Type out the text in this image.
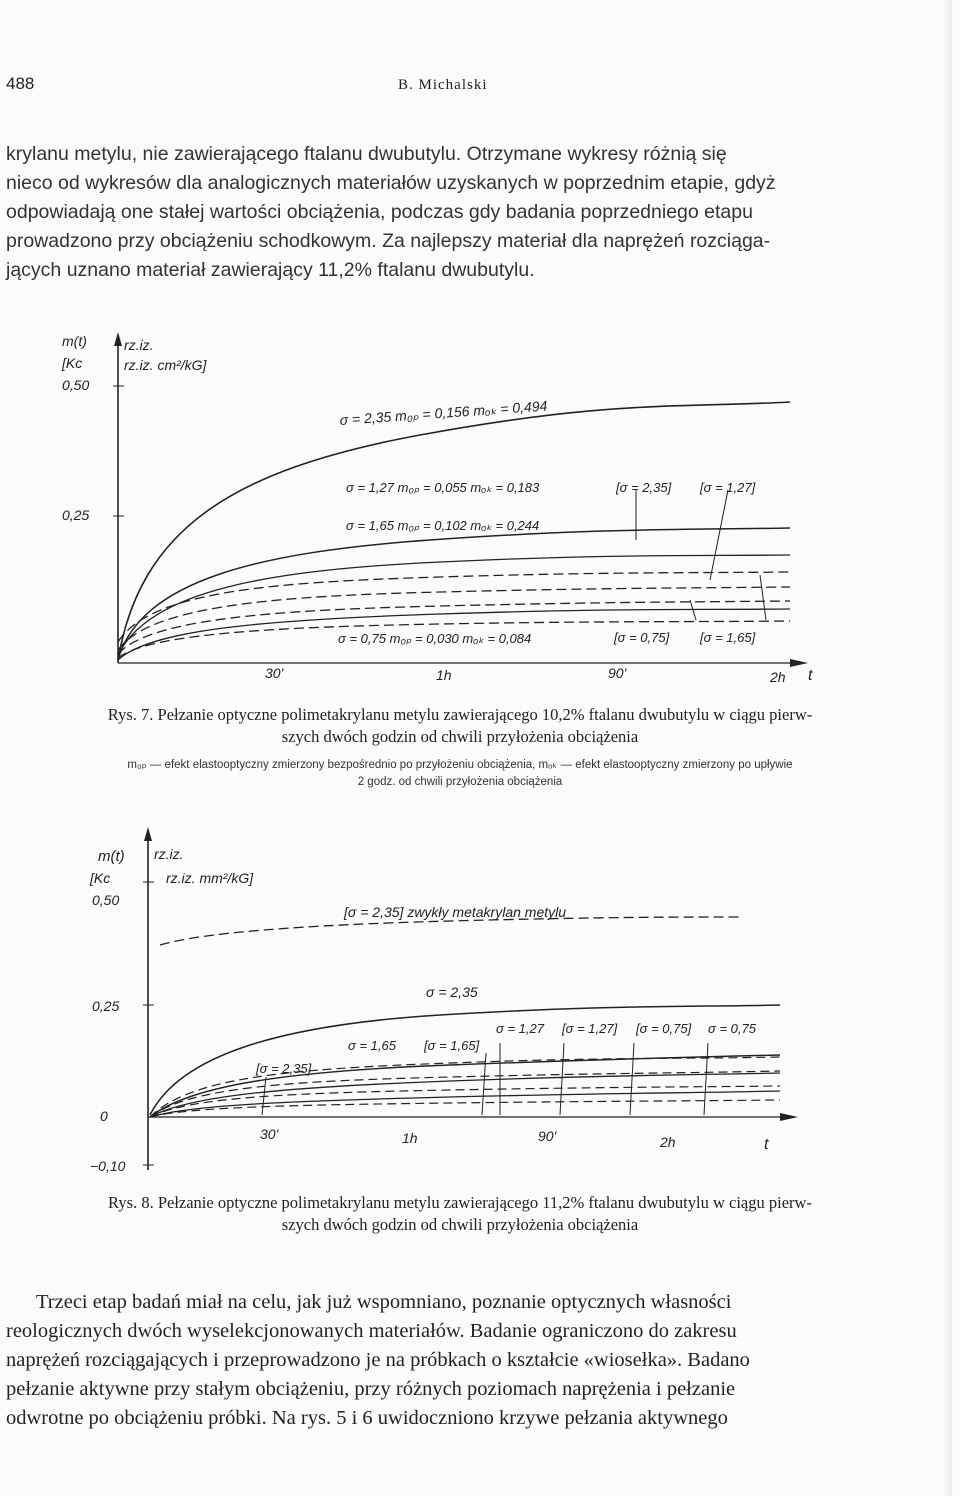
488	B. Michalski
krylanu metylu, nie zawierającego ftalanu dwubutylu. Otrzymane wykresy różnią się
nieco od wykresów dla analogicznych materiałów uzyskanych w poprzednim etapie, gdyż
odpowiadają one stałej wartości obciążenia, podczas gdy badania poprzedniego etapu
prowadzono przy obciążeniu schodkowym. Za najlepszy materiał dla naprężeń rozciąga-
jących uznano materiał zawierający 11,2% ftalanu dwubutylu.
m(t)
[Kc
rz.iz.
rz.iz. cm²/kG]
0,50
0,25
30'	1h	90'	2h t
σ = 2,35 m₀ₚ = 0,156 mₒₖ = 0,494
σ = 1,27 m₀ₚ = 0,055 mₒₖ = 0,183
σ = 1,65 m₀ₚ = 0,102 mₒₖ = 0,244
σ = 0,75 m₀ₚ = 0,030 mₒₖ = 0,084
[σ = 2,35] [σ = 1,27]
[σ = 0,75] [σ = 1,65]
Rys. 7. Pełzanie optyczne polimetakrylanu metylu zawierającego 10,2% ftalanu dwubutylu w ciągu pierw-
szych dwóch godzin od chwili przyłożenia obciążenia
m₀ₚ — efekt elastooptyczny zmierzony bezpośrednio po przyłożeniu obciążenia, mₒₖ — efekt elastooptyczny zmierzony po upływie
2 godz. od chwili przyłożenia obciążenia
m(t)
[Kc
rz.iz.
rz.iz. mm²/kG]
0,50
0,25
0
−0,10
30'	1h	90'	2h	t
[σ = 2,35] zwykły metakrylan metylu
σ = 2,35
σ = 1,27 [σ = 1,27] [σ = 0,75] σ = 0,75
σ = 1,65 [σ = 1,65]
[σ = 2,35]
Rys. 8. Pełzanie optyczne polimetakrylanu metylu zawierającego 11,2% ftalanu dwubutylu w ciągu pierw-
szych dwóch godzin od chwili przyłożenia obciążenia
Trzeci etap badań miał na celu, jak już wspomniano, poznanie optycznych własności
reologicznych dwóch wyselekcjonowanych materiałów. Badanie ograniczono do zakresu
naprężeń rozciągających i przeprowadzono je na próbkach o kształcie «wiosełka». Badano
pełzanie aktywne przy stałym obciążeniu, przy różnych poziomach naprężenia i pełzanie
odwrotne po obciążeniu próbki. Na rys. 5 i 6 uwidoczniono krzywe pełzania aktywnego
